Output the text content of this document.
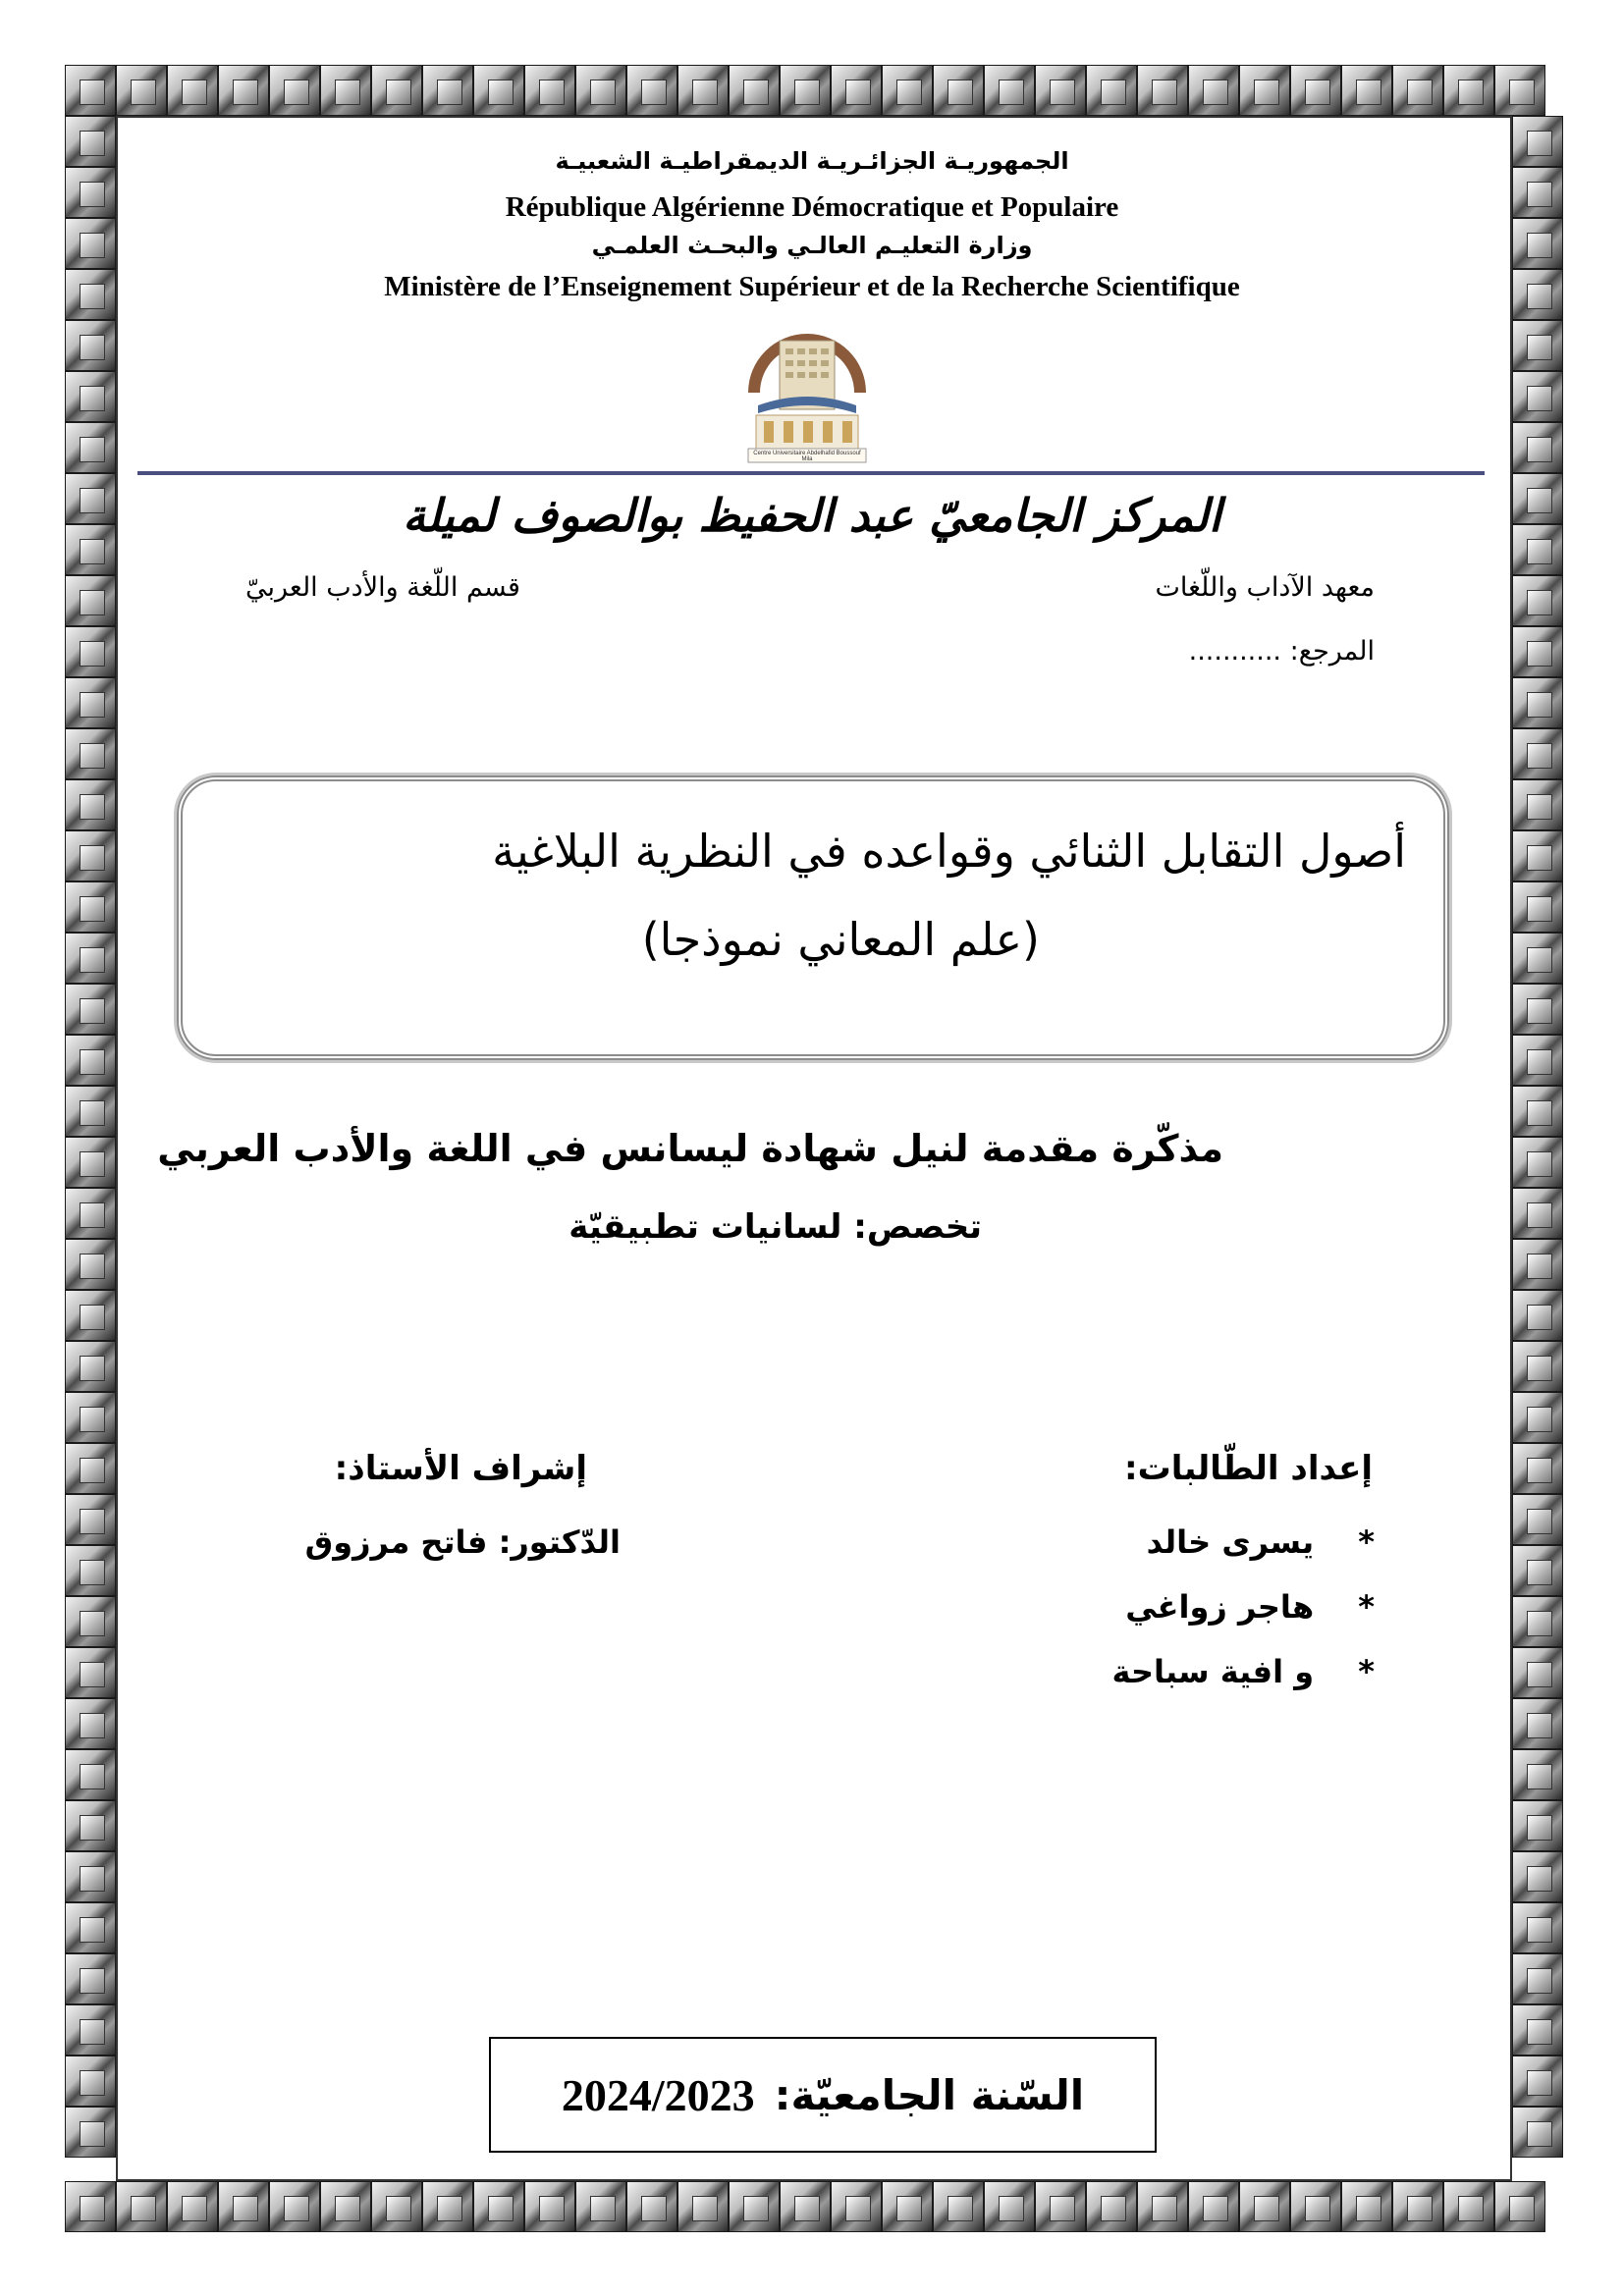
الجمهوريـة الجزائـريـة الديمقراطيـة الشعبيـة
République Algérienne Démocratique et Populaire
وزارة التعليـم العالـي والبحـث العلمـي
Ministère de l’Enseignement Supérieur et de la Recherche Scientifique
Centre Universitaire Abdelhafid Boussouf Mila
المركز الجامعيّ عبد الحفيظ بوالصوف لميلة
معهد الآداب واللّغات
قسم اللّغة والأدب العربيّ
المرجع: ...........
أصول التقابل الثنائي وقواعده في النظرية البلاغية
(علم المعاني نموذجا)
مذكّرة مقدمة لنيل شهادة ليسانس في اللغة والأدب العربي
تخصص: لسانيات تطبيقيّة
إعداد الطّالبات:
* يسرى خالد
* هاجر زواغي
* و افية سباحة
إشراف الأستاذ:
الدّكتور: فاتح مرزوق
السّنة الجامعيّة:
2024/2023
